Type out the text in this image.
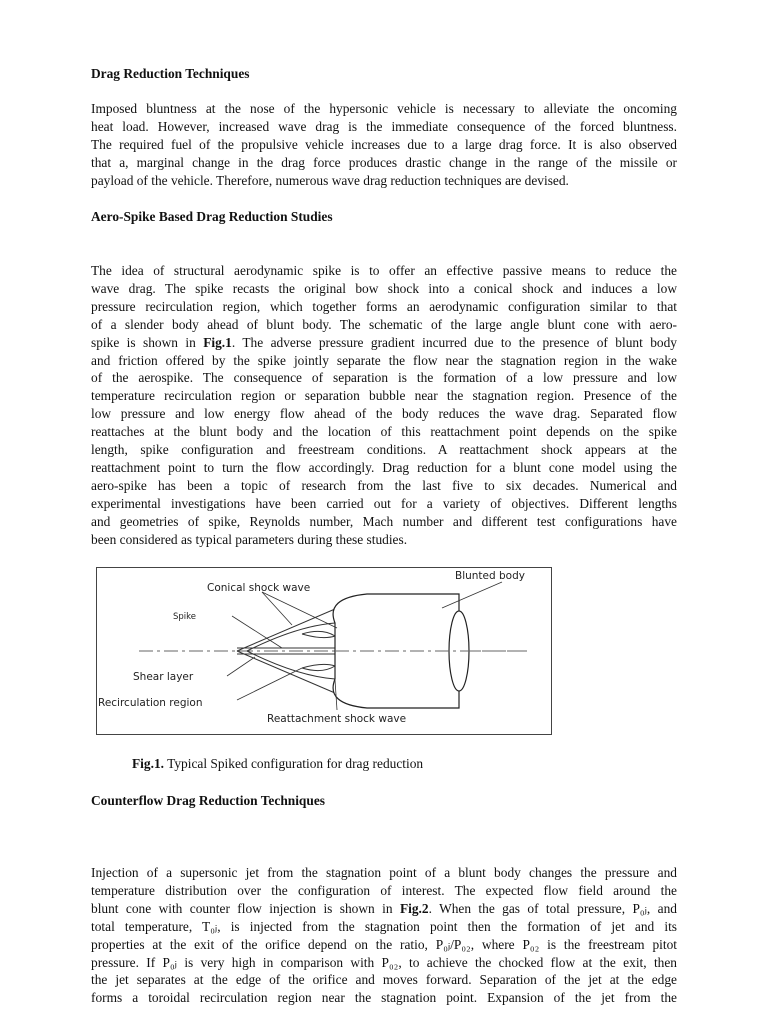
Drag Reduction Techniques
Imposed bluntness at the nose of the hypersonic vehicle is necessary to alleviate the oncoming
heat load. However, increased wave drag is the immediate consequence of the forced bluntness.
The required fuel of the propulsive vehicle increases due to a large drag force. It is also observed
that a, marginal change in the drag force produces drastic change in the range of the missile or
payload of the vehicle. Therefore, numerous wave drag reduction techniques are devised.
Aero-Spike Based Drag Reduction Studies
The idea of structural aerodynamic spike is to offer an effective passive means to reduce the
wave drag. The spike recasts the original bow shock into a conical shock and induces a low
pressure recirculation region, which together forms an aerodynamic configuration similar to that
of a slender body ahead of blunt body. The schematic of the large angle blunt cone with aero-
spike is shown in Fig.1. The adverse pressure gradient incurred due to the presence of blunt body
and friction offered by the spike jointly separate the flow near the stagnation region in the wake
of the aerospike. The consequence of separation is the formation of a low pressure and low
temperature recirculation region or separation bubble near the stagnation region. Presence of the
low pressure and low energy flow ahead of the body reduces the wave drag. Separated flow
reattaches at the blunt body and the location of this reattachment point depends on the spike
length, spike configuration and freestream conditions. A reattachment shock appears at the
reattachment point to turn the flow accordingly. Drag reduction for a blunt cone model using the
aero-spike has been a topic of research from the last five to six decades. Numerical and
experimental investigations have been carried out for a variety of objectives. Different lengths
and geometries of spike, Reynolds number, Mach number and different test configurations have
been considered as typical parameters during these studies.
Conical shock wave
Blunted body
Spike
Shear layer
Recirculation region
Reattachment shock wave
Fig.1. Typical Spiked configuration for drag reduction
Counterflow Drag Reduction Techniques
Injection of a supersonic jet from the stagnation point of a blunt body changes the pressure and
temperature distribution over the configuration of interest. The expected flow field around the
blunt cone with counter flow injection is shown in Fig.2. When the gas of total pressure, P₀ⱼ, and
total temperature, T₀ⱼ, is injected from the stagnation point then the formation of jet and its
properties at the exit of the orifice depend on the ratio, P₀ⱼ/P₀₂, where P₀₂ is the freestream pitot
pressure. If P₀ⱼ is very high in comparison with P₀₂, to achieve the chocked flow at the exit, then
the jet separates at the edge of the orifice and moves forward. Separation of the jet at the edge
forms a toroidal recirculation region near the stagnation point. Expansion of the jet from the
